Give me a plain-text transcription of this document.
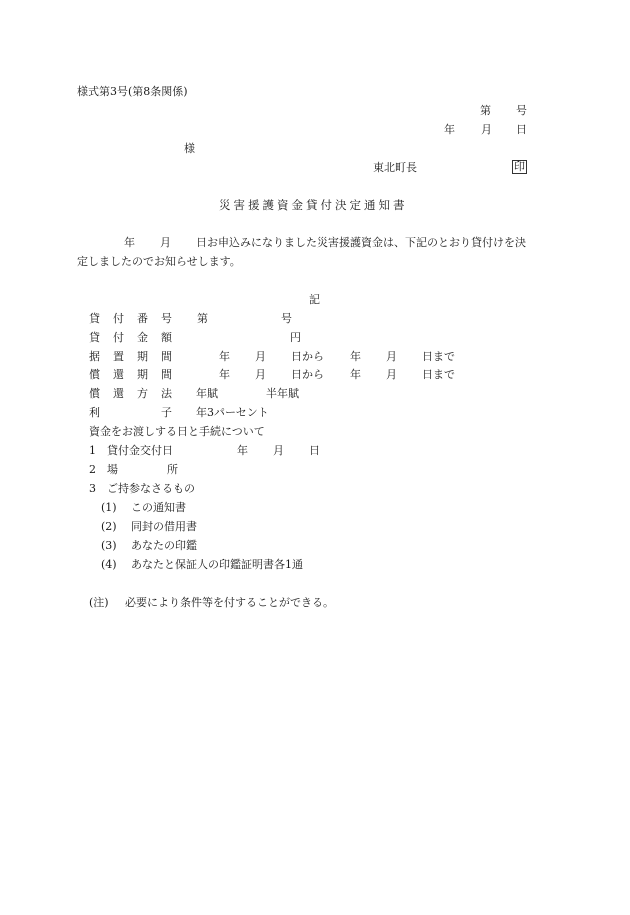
様式第3号(第8条関係)
第 号
年 月 日
様
東北町長	印
災害援護資金貸付決定通知書
年 月 日お申込みになりました災害援護資金は、下記のとおり貸付けを決
定しましたのでお知らせします。
記
貸 付 番 号 第	号
貸 付 金 額	円
据 置 期 間	年 月 日から 年 月 日まで
償 還 期 間	年 月 日から 年 月 日まで
償 還 方 法 年賦	半年賦
利	子 年3パーセント
資金をお渡しする日と手続について
1 貸付金交付日	年 月 日
2 場	所
3 ご持参なさるもの
(1) この通知書
(2) 同封の借用書
(3) あなたの印鑑
(4) あなたと保証人の印鑑証明書各1通
(注) 必要により条件等を付することができる。
